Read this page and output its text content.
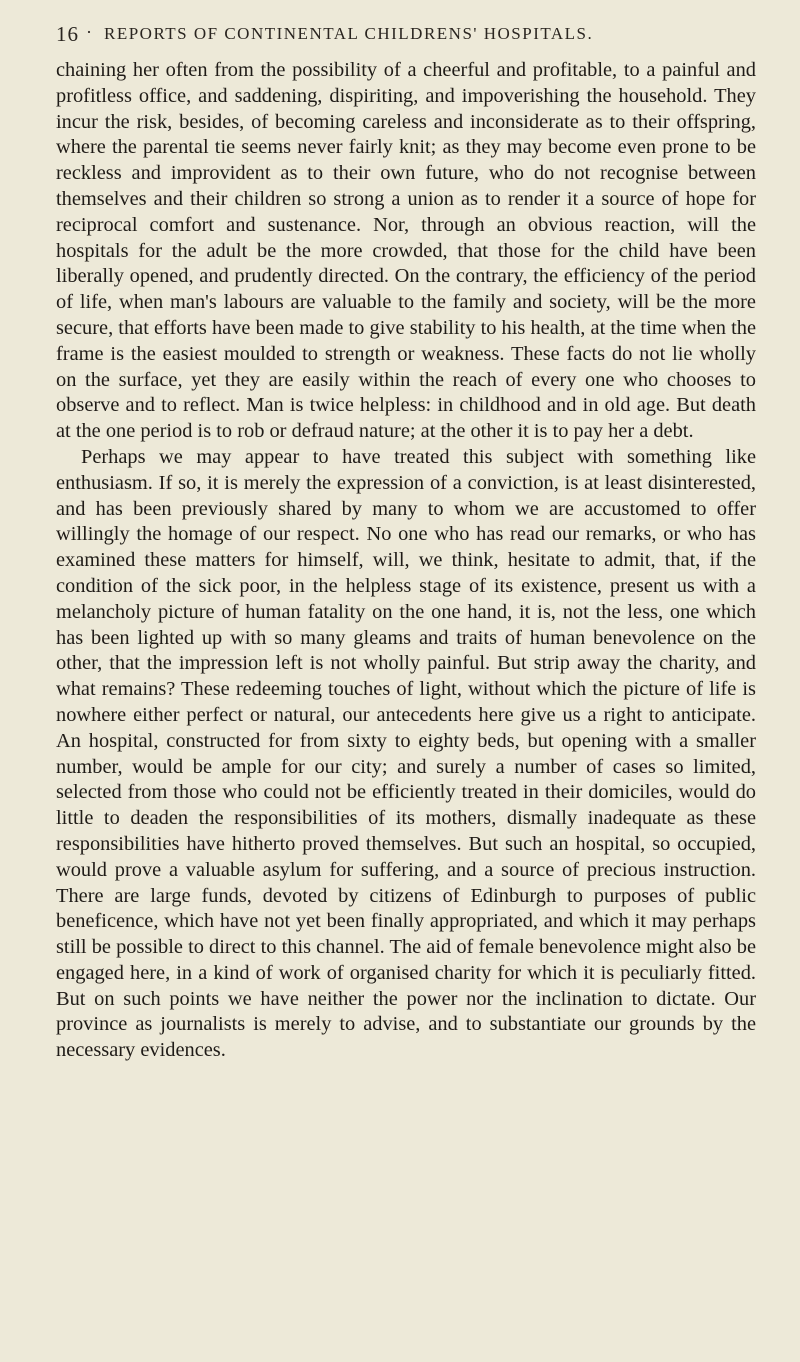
16 · REPORTS OF CONTINENTAL CHILDRENS' HOSPITALS.

chaining her often from the possibility of a cheerful and profitable, to a painful and profitless office, and saddening, dispiriting, and impoverishing the household. They incur the risk, besides, of becoming careless and inconsiderate as to their offspring, where the parental tie seems never fairly knit; as they may become even prone to be reckless and improvident as to their own future, who do not recognise between themselves and their children so strong a union as to render it a source of hope for reciprocal comfort and sustenance. Nor, through an obvious reaction, will the hospitals for the adult be the more crowded, that those for the child have been liberally opened, and prudently directed. On the contrary, the efficiency of the period of life, when man's labours are valuable to the family and society, will be the more secure, that efforts have been made to give stability to his health, at the time when the frame is the easiest moulded to strength or weakness. These facts do not lie wholly on the surface, yet they are easily within the reach of every one who chooses to observe and to reflect. Man is twice helpless: in childhood and in old age. But death at the one period is to rob or defraud nature; at the other it is to pay her a debt.

Perhaps we may appear to have treated this subject with something like enthusiasm. If so, it is merely the expression of a conviction, is at least disinterested, and has been previously shared by many to whom we are accustomed to offer willingly the homage of our respect. No one who has read our remarks, or who has examined these matters for himself, will, we think, hesitate to admit, that, if the condition of the sick poor, in the helpless stage of its existence, present us with a melancholy picture of human fatality on the one hand, it is, not the less, one which has been lighted up with so many gleams and traits of human benevolence on the other, that the impression left is not wholly painful. But strip away the charity, and what remains? These redeeming touches of light, without which the picture of life is nowhere either perfect or natural, our antecedents here give us a right to anticipate. An hospital, constructed for from sixty to eighty beds, but opening with a smaller number, would be ample for our city; and surely a number of cases so limited, selected from those who could not be efficiently treated in their domiciles, would do little to deaden the responsibilities of its mothers, dismally inadequate as these responsibilities have hitherto proved themselves. But such an hospital, so occupied, would prove a valuable asylum for suffering, and a source of precious instruction. There are large funds, devoted by citizens of Edinburgh to purposes of public beneficence, which have not yet been finally appropriated, and which it may perhaps still be possible to direct to this channel. The aid of female benevolence might also be engaged here, in a kind of work of organised charity for which it is peculiarly fitted. But on such points we have neither the power nor the inclination to dictate. Our province as journalists is merely to advise, and to substantiate our grounds by the necessary evidences.
